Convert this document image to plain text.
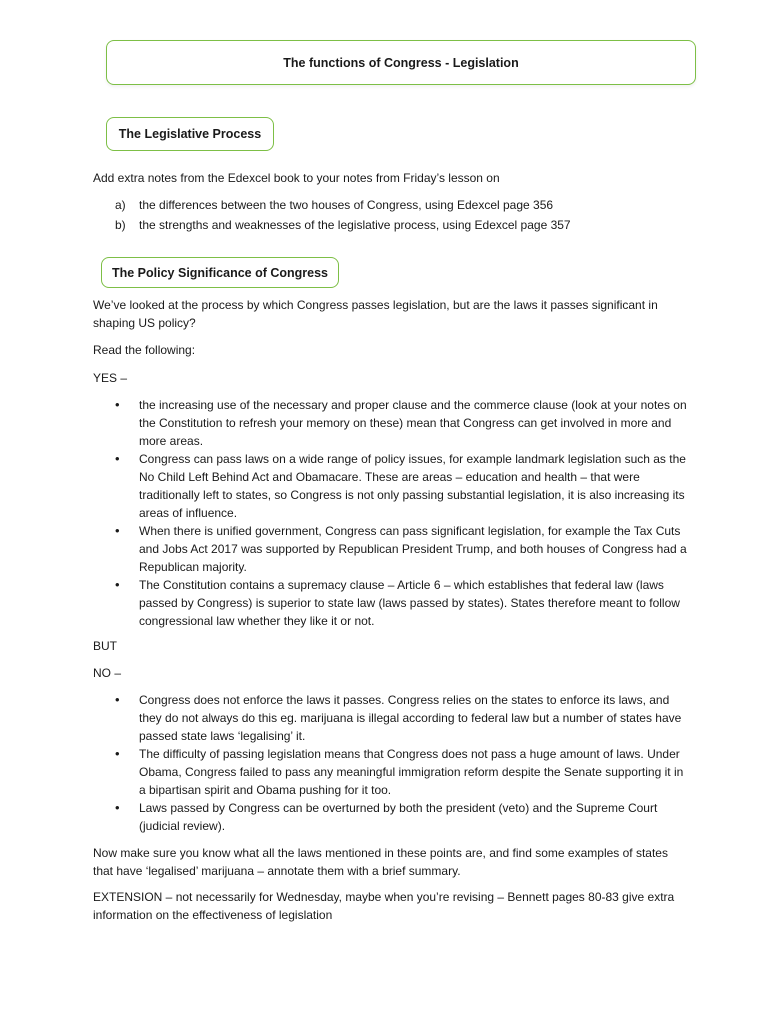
The functions of Congress - Legislation
The Legislative Process

Add extra notes from the Edexcel book to your notes from Friday’s lesson on

a) the differences between the two houses of Congress, using Edexcel page 356
b) the strengths and weaknesses of the legislative process, using Edexcel page 357
The Policy Significance of Congress

We’ve looked at the process by which Congress passes legislation, but are the laws it passes significant in shaping US policy?

Read the following:

YES –

• the increasing use of the necessary and proper clause and the commerce clause (look at your notes on the Constitution to refresh your memory on these) mean that Congress can get involved in more and more areas.
• Congress can pass laws on a wide range of policy issues, for example landmark legislation such as the No Child Left Behind Act and Obamacare. These are areas – education and health – that were traditionally left to states, so Congress is not only passing substantial legislation, it is also increasing its areas of influence.
• When there is unified government, Congress can pass significant legislation, for example the Tax Cuts and Jobs Act 2017 was supported by Republican President Trump, and both houses of Congress had a Republican majority.
• The Constitution contains a supremacy clause – Article 6 – which establishes that federal law (laws passed by Congress) is superior to state law (laws passed by states). States therefore meant to follow congressional law whether they like it or not.

BUT

NO –

• Congress does not enforce the laws it passes. Congress relies on the states to enforce its laws, and they do not always do this eg. marijuana is illegal according to federal law but a number of states have passed state laws ‘legalising’ it.
• The difficulty of passing legislation means that Congress does not pass a huge amount of laws. Under Obama, Congress failed to pass any meaningful immigration reform despite the Senate supporting it in a bipartisan spirit and Obama pushing for it too.
• Laws passed by Congress can be overturned by both the president (veto) and the Supreme Court (judicial review).

Now make sure you know what all the laws mentioned in these points are, and find some examples of states that have ‘legalised’ marijuana – annotate them with a brief summary.

EXTENSION – not necessarily for Wednesday, maybe when you’re revising – Bennett pages 80-83 give extra information on the effectiveness of legislation
